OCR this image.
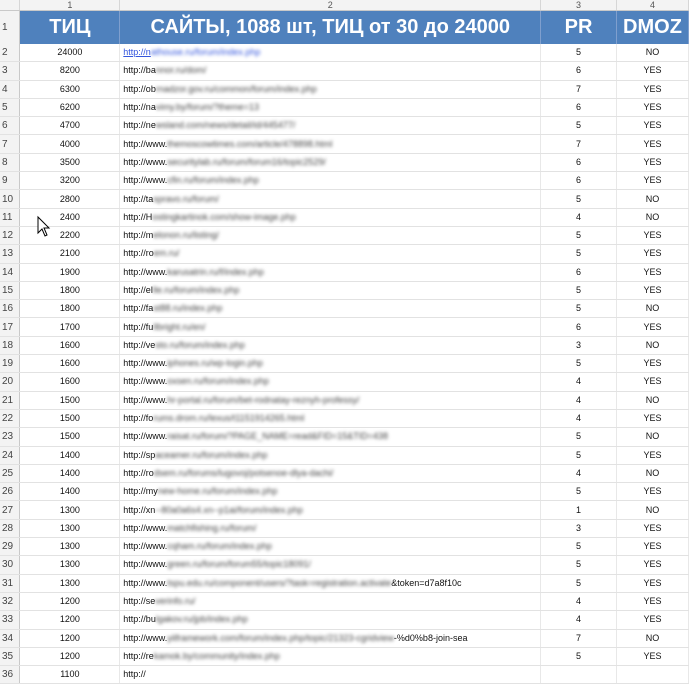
	1	2	3	4
1	ТИЦ	САЙТЫ, 1088 шт, ТИЦ от 30 до 24000	PR	DMOZ
2	24000	http://nathouse.ru/forum/index.php	5	NO
3	8200	http://bannor.ru/dom/	6	YES
4	6300	http://obrnadzor.gov.ru/common/forum/index.php	7	YES
5	6200	http://navimy.by/forum/?theme=13	6	YES
6	4700	http://newsland.com/news/detail/id/445477/	5	YES
7	4000	http://www.themoscowtimes.com/article/478898.html	7	YES
8	3500	http://www.securitylab.ru/forum/forum16/topic2529/	6	YES
9	3200	http://www.cfin.ru/forum/index.php	6	YES
10	2800	http://taspravo.ru/forum/	5	NO
11	2400	http://Hostingkartinok.com/show-image.php	4	NO
12	2200	http://melonon.ru/listing/	5	YES
13	2100	http://roem.ru/	5	YES
14	1900	http://www.karusatrin.ru/f/index.php	6	YES
15	1800	http://ellle.ru/forum/index.php	5	YES
16	1800	http://fast88.ru/index.php	5	NO
17	1700	http://fullbright.ru/en/	6	YES
18	1600	http://vesto.ru/forum/index.php	3	NO
19	1600	http://www.iphones.ru/wp-login.php	5	YES
20	1600	http://www.oxsen.ru/forum/index.php	4	YES
21	1500	http://www.hr-portal.ru/forum/bet-rodnatay-reznyh-professy/	4	NO
22	1500	http://forums.drom.ru/lexus/t1151914265.html	4	YES
23	1500	http://www.raisat.ru/forum/?PAGE_NAME=read&FID=15&TID=438	5	NO
24	1400	http://spaceamer.ru/forum/index.php	5	YES
25	1400	http://rodsem.ru/forums/lugovoj/potsenoe-dlya-dachi/	4	NO
26	1400	http://mynew-home.ru/forum/index.php	5	YES
27	1300	http://xn--80a0a6s4.xn--p1ai/forum/index.php	1	NO
28	1300	http://www.matchfishing.ru/forum/	3	YES
29	1300	http://www.cqham.ru/forum/index.php	5	YES
30	1300	http://www.green.ru/forum/forum55/topic18091/	5	YES
31	1300	http://www.tspu.edu.ru/component/users/?task=registration.activate&token=d7a8f10c	5	YES
32	1200	http://severinfo.ru/	4	YES
33	1200	http://bulgakov.ru/jpb/index.php	4	YES
34	1200	http://www.yiiframework.com/forum/index.php/topic/21323-cgridview-%d0%b8-join-sea	7	NO
35	1200	http://rekamok.by/community/index.php	5	YES
36	1100	http://		
